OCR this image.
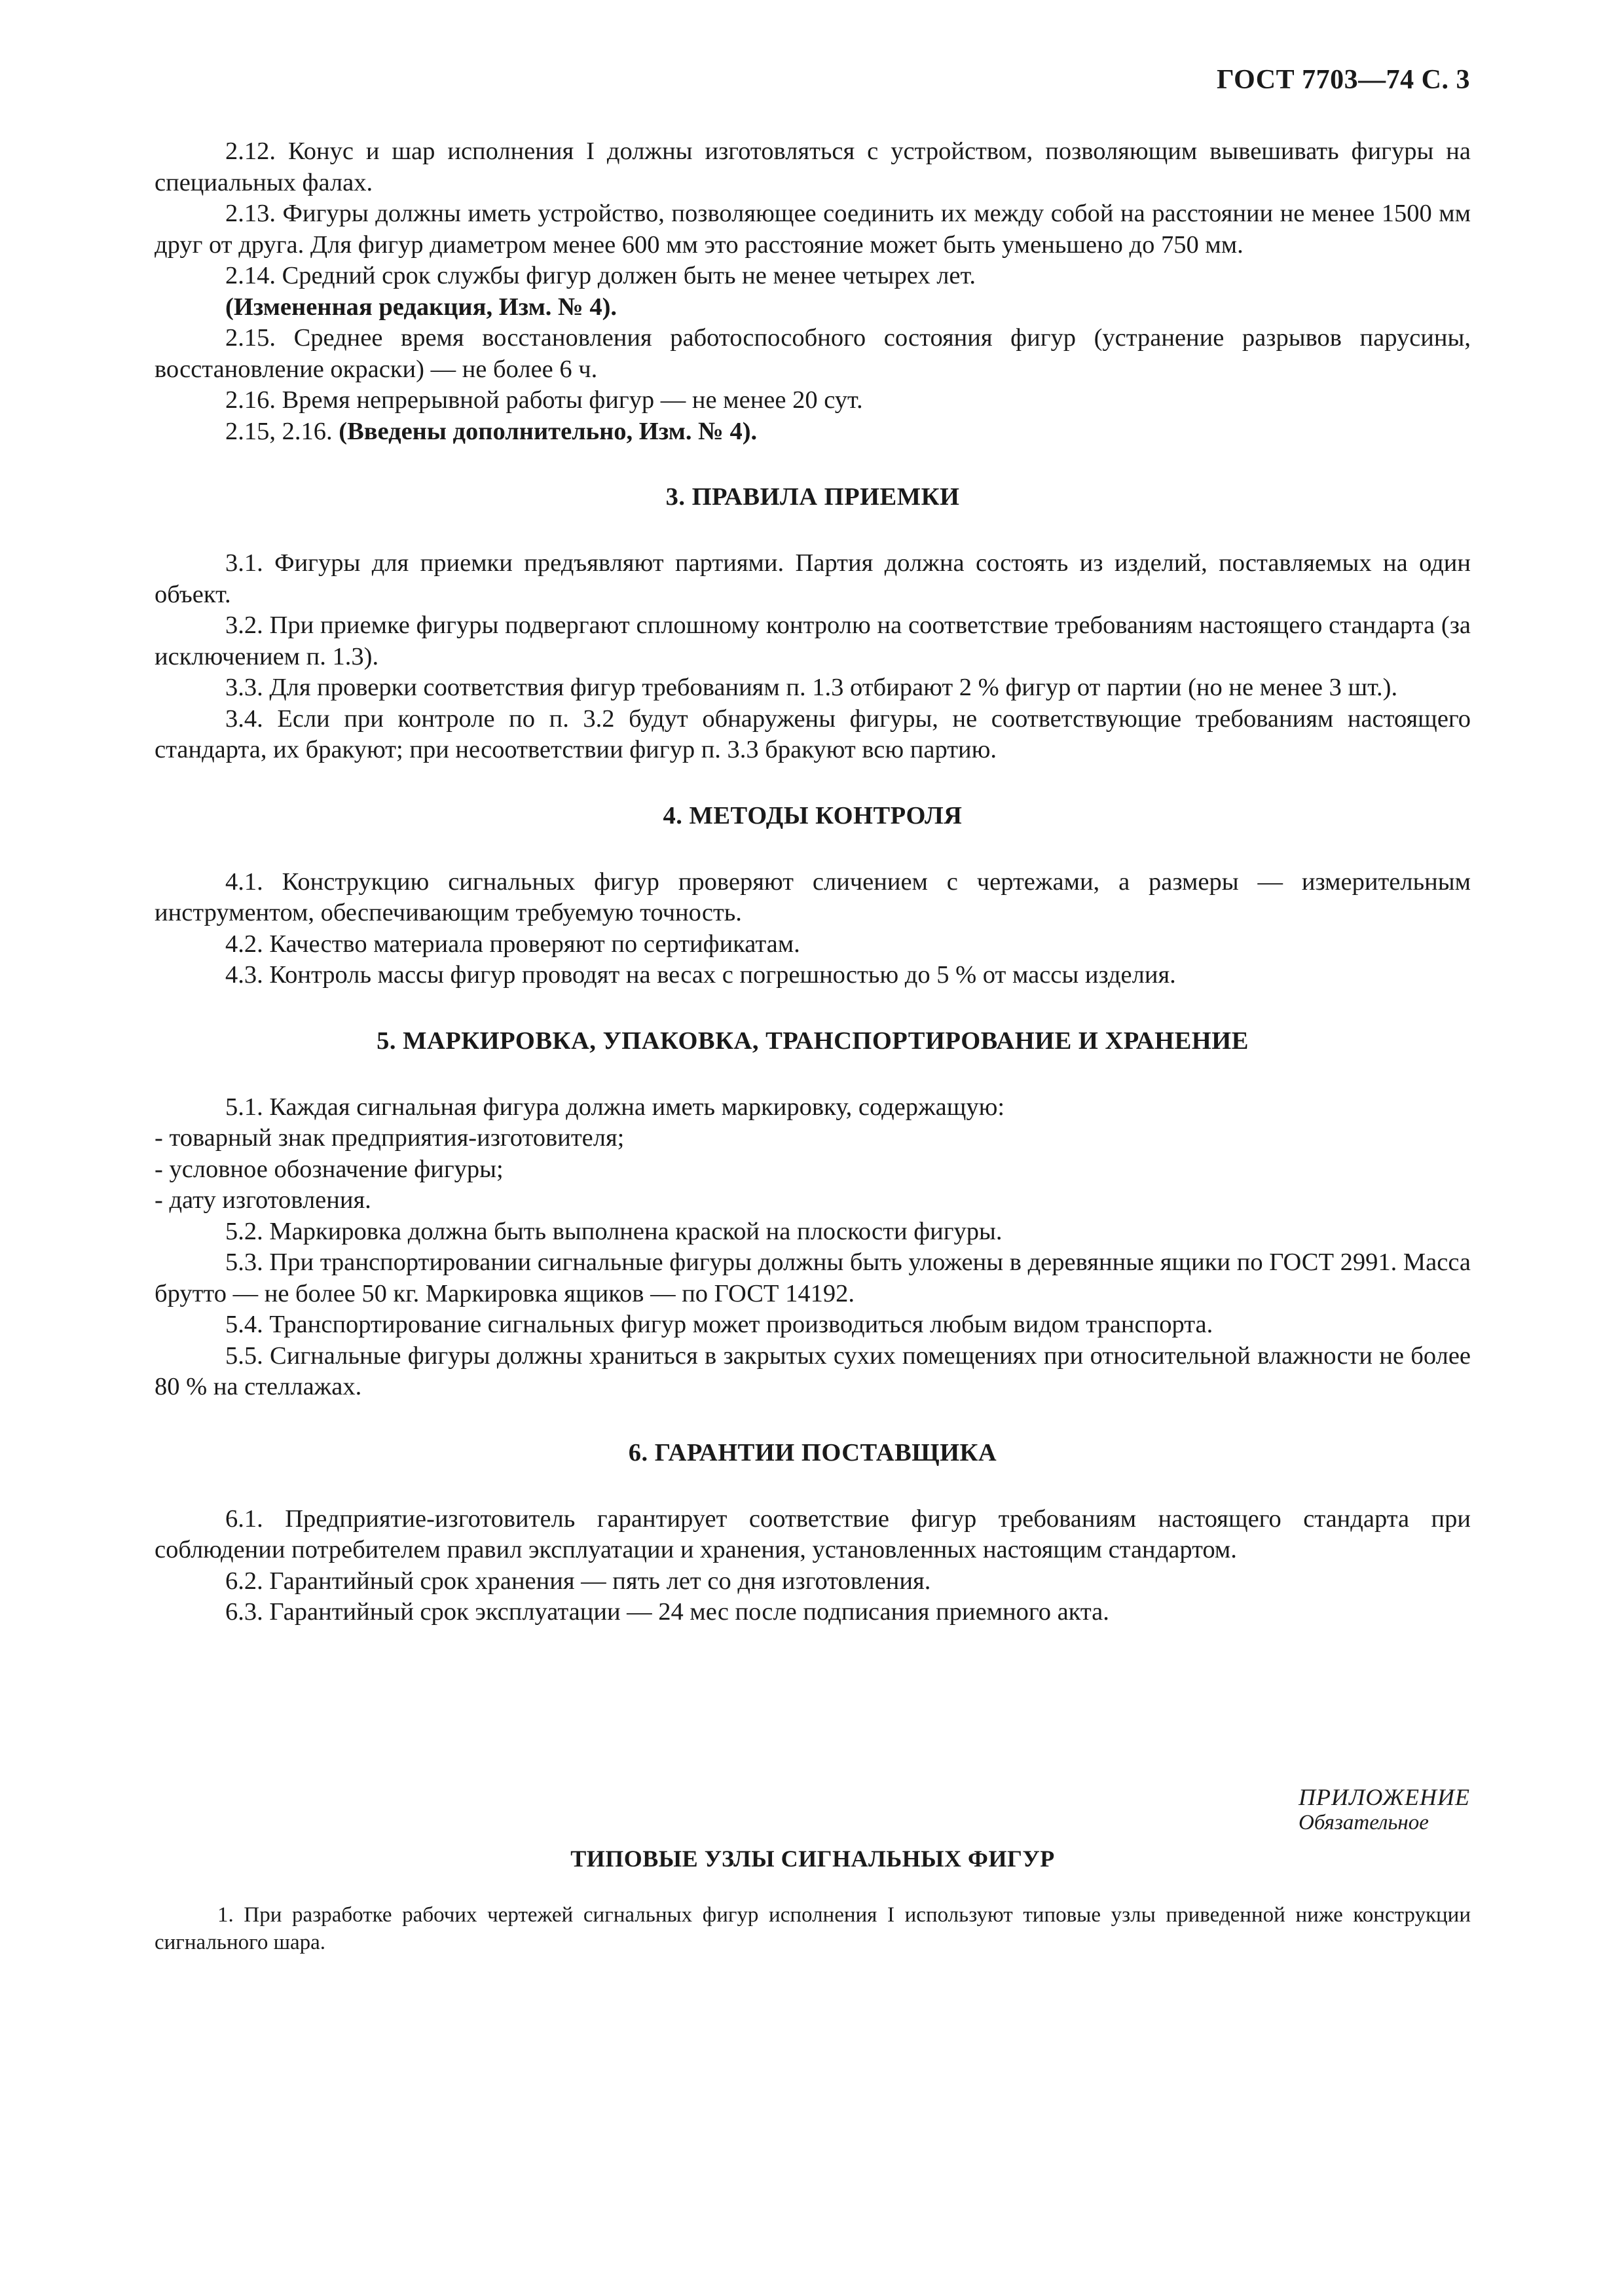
ГОСТ 7703—74 С. 3

2.12. Конус и шар исполнения I должны изготовляться с устройством, позволяющим вывешивать фигуры на специальных фалах.

2.13. Фигуры должны иметь устройство, позволяющее соединить их между собой на расстоянии не менее 1500 мм друг от друга. Для фигур диаметром менее 600 мм это расстояние может быть уменьшено до 750 мм.

2.14. Средний срок службы фигур должен быть не менее четырех лет.

(Измененная редакция, Изм. № 4).

2.15. Среднее время восстановления работоспособного состояния фигур (устранение разрывов парусины, восстановление окраски) — не более 6 ч.

2.16. Время непрерывной работы фигур — не менее 20 сут.

2.15, 2.16. (Введены дополнительно, Изм. № 4).

3. ПРАВИЛА ПРИЕМКИ

3.1. Фигуры для приемки предъявляют партиями. Партия должна состоять из изделий, поставляемых на один объект.

3.2. При приемке фигуры подвергают сплошному контролю на соответствие требованиям настоящего стандарта (за исключением п. 1.3).

3.3. Для проверки соответствия фигур требованиям п. 1.3 отбирают 2 % фигур от партии (но не менее 3 шт.).

3.4. Если при контроле по п. 3.2 будут обнаружены фигуры, не соответствующие требованиям настоящего стандарта, их бракуют; при несоответствии фигур п. 3.3 бракуют всю партию.

4. МЕТОДЫ КОНТРОЛЯ

4.1. Конструкцию сигнальных фигур проверяют сличением с чертежами, а размеры — измерительным инструментом, обеспечивающим требуемую точность.

4.2. Качество материала проверяют по сертификатам.

4.3. Контроль массы фигур проводят на весах с погрешностью до 5 % от массы изделия.

5. МАРКИРОВКА, УПАКОВКА, ТРАНСПОРТИРОВАНИЕ И ХРАНЕНИЕ

5.1. Каждая сигнальная фигура должна иметь маркировку, содержащую:

- товарный знак предприятия-изготовителя;

- условное обозначение фигуры;

- дату изготовления.

5.2. Маркировка должна быть выполнена краской на плоскости фигуры.

5.3. При транспортировании сигнальные фигуры должны быть уложены в деревянные ящики по ГОСТ 2991. Масса брутто — не более 50 кг. Маркировка ящиков — по ГОСТ 14192.

5.4. Транспортирование сигнальных фигур может производиться любым видом транспорта.

5.5. Сигнальные фигуры должны храниться в закрытых сухих помещениях при относительной влажности не более 80 % на стеллажах.

6. ГАРАНТИИ ПОСТАВЩИКА

6.1. Предприятие-изготовитель гарантирует соответствие фигур требованиям настоящего стандарта при соблюдении потребителем правил эксплуатации и хранения, установленных настоящим стандартом.

6.2. Гарантийный срок хранения — пять лет со дня изготовления.

6.3. Гарантийный срок эксплуатации — 24 мес после подписания приемного акта.

ПРИЛОЖЕНИЕ
Обязательное
ТИПОВЫЕ УЗЛЫ СИГНАЛЬНЫХ ФИГУР

1. При разработке рабочих чертежей сигнальных фигур исполнения I используют типовые узлы приведенной ниже конструкции сигнального шара.
